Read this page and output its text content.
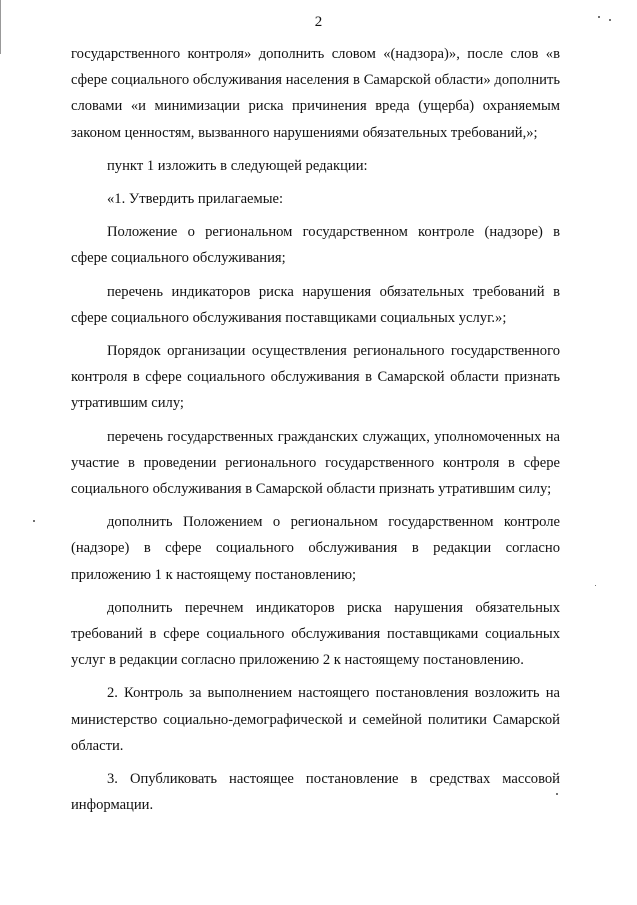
2

государственного контроля» дополнить словом «(надзора)», после слов «в сфере социального обслуживания населения в Самарской области» дополнить словами «и минимизации риска причинения вреда (ущерба) охраняемым законом ценностям, вызванного нарушениями обязательных требований,»;

пункт 1 изложить в следующей редакции:

«1. Утвердить прилагаемые:

Положение о региональном государственном контроле (надзоре) в сфере социального обслуживания;

перечень индикаторов риска нарушения обязательных требований в сфере социального обслуживания поставщиками социальных услуг.»;

Порядок организации осуществления регионального государственного контроля в сфере социального обслуживания в Самарской области признать утратившим силу;

перечень государственных гражданских служащих, уполномоченных на участие в проведении регионального государственного контроля в сфере социального обслуживания в Самарской области признать утратившим силу;

дополнить Положением о региональном государственном контроле (надзоре) в сфере социального обслуживания в редакции согласно приложению 1 к настоящему постановлению;

дополнить перечнем индикаторов риска нарушения обязательных требований в сфере социального обслуживания поставщиками социальных услуг в редакции согласно приложению 2 к настоящему постановлению.

2. Контроль за выполнением настоящего постановления возложить на министерство социально-демографической и семейной политики Самарской области.

3. Опубликовать настоящее постановление в средствах массовой информации.
